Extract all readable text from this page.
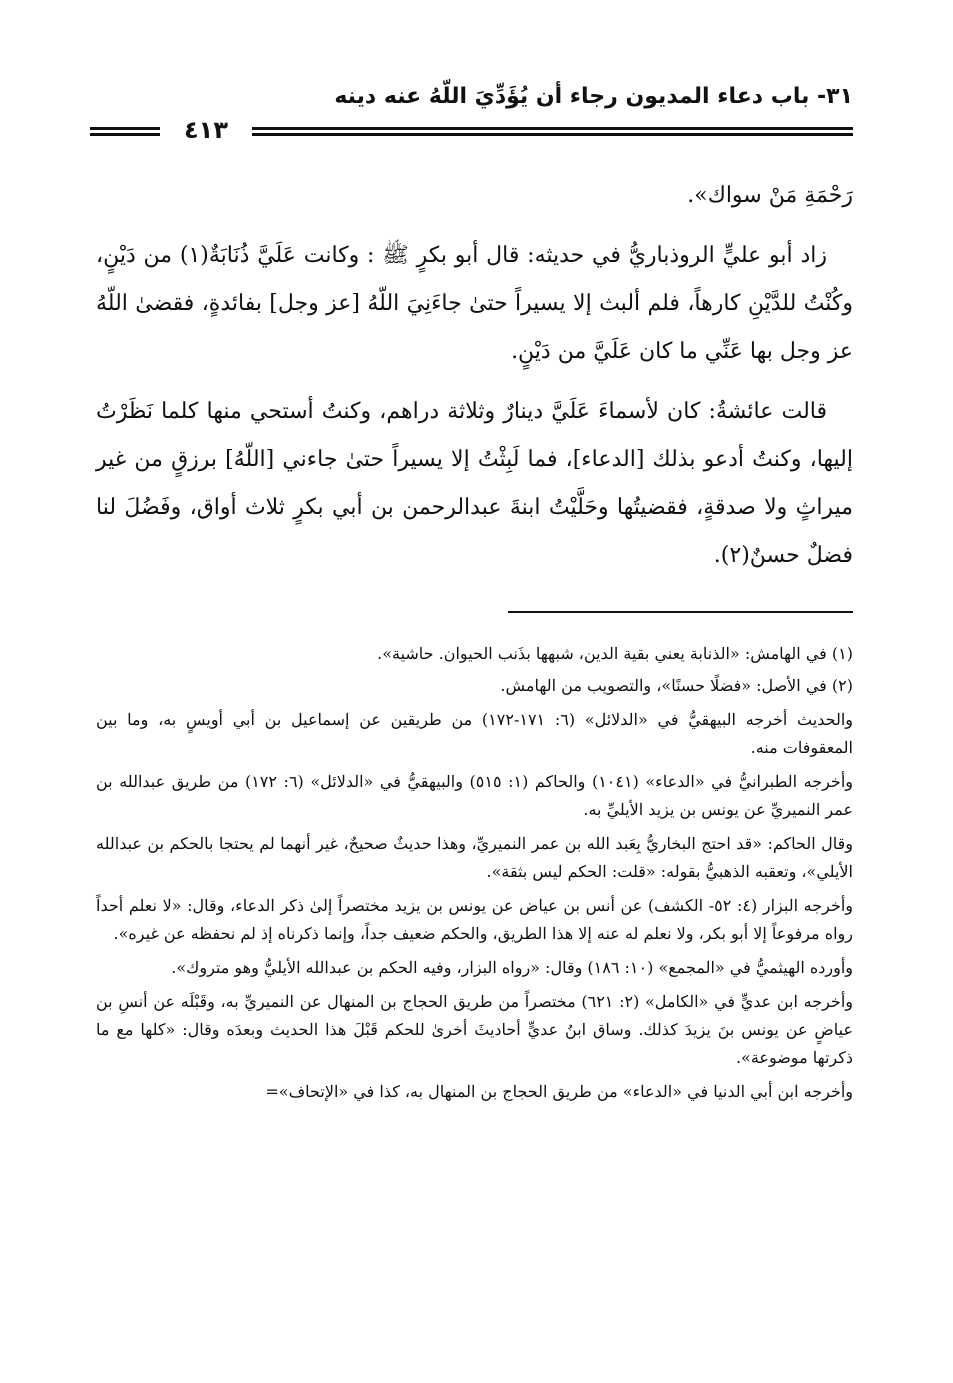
٣١- باب دعاء المديون رجاء أن يُؤَدِّيَ اللّهُ عنه دينه
٤١٣

رَحْمَةِ مَنْ سواك».

زاد أبو عليٍّ الروذباريُّ في حديثه: قال أبو بكرٍ ﷺ : وكانت عَلَيَّ ذُنَابَةٌ(١) من دَيْنٍ، وكُنْتُ للدَّيْنِ كارهاً، فلم ألبث إلا يسيراً حتىٰ جاءَنِيَ اللّهُ [عز وجل] بفائدةٍ، فقضىٰ اللّهُ عز وجل بها عَنِّي ما كان عَلَيَّ من دَيْنٍ.

قالت عائشةُ: كان لأسماءَ عَلَيَّ دينارٌ وثلاثة دراهم، وكنتُ أستحي منها كلما نَظَرْتُ إليها، وكنتُ أدعو بذلك [الدعاء]، فما لَبِثْتُ إلا يسيراً حتىٰ جاءني [اللّهُ] برزقٍ من غير ميراثٍ ولا صدقةٍ، فقضيتُها وحَلَّيْتُ ابنةَ عبدالرحمن بن أبي بكرٍ ثلاث أواق، وفَضُلَ لنا فضلٌ حسنٌ(٢).

(١) في الهامش: «الذنابة يعني بقية الدين، شبهها بذَنب الحيوان. حاشية».

(٢) في الأصل: «فضلًا حسنًا»، والتصويب من الهامش.

والحديث أخرجه البيهقيُّ في «الدلائل» (٦: ١٧١-١٧٢) من طريقين عن إسماعيل بن أبي أويسٍ به، وما بين المعقوفات منه.

وأخرجه الطبرانيُّ في «الدعاء» (١٠٤١) والحاكم (١: ٥١٥) والبيهقيُّ في «الدلائل» (٦: ١٧٢) من طريق عبدالله بن عمر النميريِّ عن يونس بن يزيد الأيليِّ به.

وقال الحاكم: «قد احتج البخاريُّ بِعَبد الله بن عمر النميريِّ، وهذا حديثٌ صحيحٌ، غير أنهما لم يحتجا بالحكم بن عبدالله الأيلي»، وتعقبه الذهبيُّ بقوله: «قلت: الحكم ليس بثقة».

وأخرجه البزار (٤: ٥٢- الكشف) عن أنس بن عياض عن يونس بن يزيد مختصراً إلىٰ ذكر الدعاء، وقال: «لا نعلم أحداً رواه مرفوعاً إلا أبو بكر، ولا نعلم له عنه إلا هذا الطريق، والحكم ضعيف جداً، وإنما ذكرناه إذ لم نحفظه عن غيره».

وأورده الهيثميُّ في «المجمع» (١٠: ١٨٦) وقال: «رواه البزار، وفيه الحكم بن عبدالله الأيليُّ وهو متروك».

وأخرجه ابن عديٍّ في «الكامل» (٢: ٦٢١) مختصراً من طريق الحجاج بن المنهال عن النميريِّ به، وقَبْلَه عن أنسِ بن عياضٍ عن يونس بنَ يزيدَ كذلك. وساق ابنُ عديٍّ أحاديثَ أخرىٰ للحكم قَبْلَ هذا الحديث وبعدَه وقال: «كلها مع ما ذكرتها موضوعة».

وأخرجه ابن أبي الدنيا في «الدعاء» من طريق الحجاج بن المنهال به، كذا في «الإتحاف»=
